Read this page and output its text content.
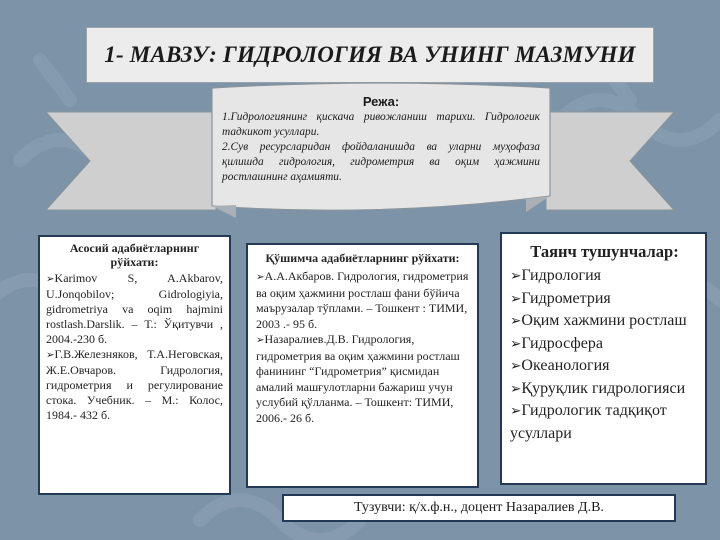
1- МАВЗУ: ГИДРОЛОГИЯ ВА УНИНГ МАЗМУНИ
Режа:

1.Гидрологиянинг қискача ривожланиш тарихи. Гидрологик тадкикот усуллари.

2.Сув ресурсларидан фойдаланишда ва уларни муҳофаза қилишда гидрология, гидрометрия ва оқим ҳажмини ростлашнинг аҳамияти.

Асосий адабиётларнинг рўйхати:
➢Karimov S, A.Akbarov, U.Jonqobilov; Gidrologiyia, gidrometriya va oqim hajmini rostlash.Darslik. – Т.: Ўқитувчи , 2004.-230 б.
➢Г.В.Железняков, Т.А.Неговская, Ж.Е.Овчаров. Гидрология, гидрометрия и регулирование стока. Учебник. – М.: Колос, 1984.- 432 б.
Қўшимча адабиётларнинг рўйхати:
➢А.А.Акбаров. Гидрология, гидрометрия ва оқим ҳажмини ростлаш фани бўйича маърузалар тўплами. – Тошкент : ТИМИ, 2003 .- 95 б.
➢Назаралиев.Д.В. Гидрология, гидрометрия ва оқим ҳажмини ростлаш фанининг “Гидрометрия” қисмидан амалий машғулотларни бажариш учун услубий қўлланма. – Тошкент: ТИМИ, 2006.- 26 б.
Таянч тушунчалар:
➢Гидрология
➢Гидрометрия
➢Оқим хажмини ростлаш
➢Гидросфера
➢Океанология
➢Қуруқлик гидрологияси
➢Гидрологик тадқиқот усуллари
Тузувчи: қ/х.ф.н., доцент Назаралиев Д.В.
